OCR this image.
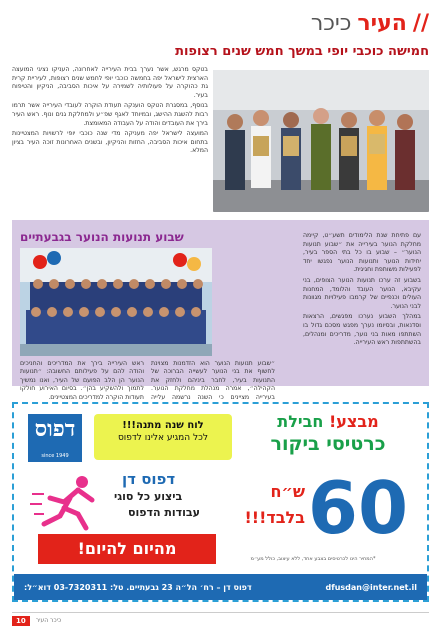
//
העיר
כיכר
חמישה כוכבי יופי במשך חמש שנים רצופות

בטקס מרגש, אשר נערך בבית העירייה לאחרונה, העניקו נציגי המועצה הארצית לישראל יפה בחמשה כוכבי יופי לחמש שנים רצופות, לעיריית קרית גת כהוקרה על פעולותיה לשמירה על איכות הסביבה, הניקיון והטיפוח בעיר.

בנוסף, במסגרת הטקס הוענקה תעודת הוקרה לעובדי העירייה אשר תרמו רבות להשגת ההישג, ובמיוחד לאגף שפ״ע ולמחלקת גנים ונוף. ראש העיר בירך את העובדים והודה על העבודה המאומצת.

המועצה לישראל יפה מעניקה מדי שנה כוכבי יופי לרשויות המצטיינות בתחום איכות הסביבה, החזות והניקיון, ובשנים האחרונות זוכה העיר בציון המלא.

שבוע תנועות הנוער בגבעתיים	עם פתיחת שנת הלימודים תשע״ט, קיימה מחלקת הנוער בעירייה את ״שבוע תנועות הנוער״ – שבוע בו כל בתי הספר בעיר, יחידות הנוער ותנועות הנוער נפגשו יחד לפעילות משותפת וחגיגית.

בשבוע זה ערכו תנועות הנוער הצופים, בני עקיבא, הנוער העובד והלומד, המחנות העולים וכנפיים של קרמבו פעילויות מגוונות לבני הנוער.

במהלך השבוע נערכו מפגשים, הרצאות וסדנאות, ובסיומו נערך מפגש מסכם גדול בו השתתפו מאות בני נוער, מדריכים ומנהלים, בהשתתפות ראש העירייה.

״שבוע תנועות הנוער הוא הזדמנות מצוינת לחשוף את בני הנוער לעשייה הברוכה של התנועות בעיר, לחבר ביניהם ולחזק את הקהילה״, אמרה מנהלת מחלקת הנוער. בעירייה מציינים כי השנה נרשמה עלייה
ראש העירייה בירך את המדריכים והחניכים והודה להם על פעילותם החשובה: ״תנועות הנוער הן הלב הפועם של העיר, ואנו נמשיך לתמוך ולהשקיע בהן״. בסיום האירוע חולקו תעודות הוקרה למדריכים המצטיינים.
דפוס
since 1949
לוח שנה מתנה!!!
לכל המגיע אלינו לדפוס
דפוס דן
ביצוע כל סוגי
עבודות הדפוס
מהיום להיום!
מבצע! חבילת
כרטיסי ביקור
60
ש״ח
בלבד!!!
*המחיר הינו לכרטיסים בצבע אחד, ללא עיצוב, כולל מע״מ
dfusdan@inter.net.il
דפוס דן – רח׳ הל״ה 23 גבעתיים. טל: 03-7320311 דוא״ל:
כיכר העיר
10
